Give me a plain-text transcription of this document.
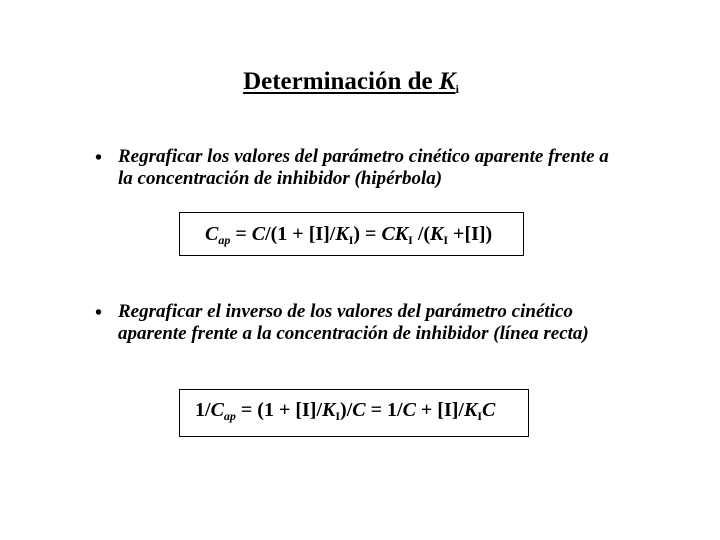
Determinación de $K_i$
• Regraficar los valores del parámetro cinético aparente frente a la concentración de inhibidor (hipérbola)
$C_{ap} = C/(1 + [I]/K_I) = CK_I$ $/(K_I +[I])$
• Regraficar el inverso de los valores del parámetro cinético aparente frente a la concentración de inhibidor (línea recta)
$1/C_{ap} = (1 + [I]/K_I)/C = 1/C + [I]/K_IC$
